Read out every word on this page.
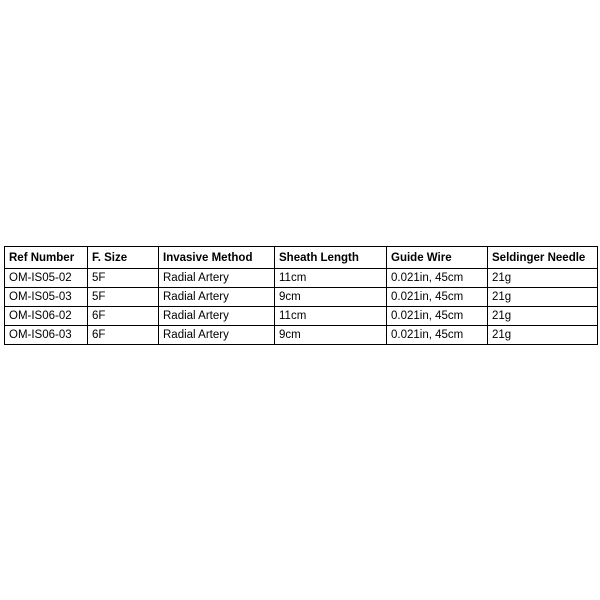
Ref Number	F. Size	Invasive Method	Sheath Length	Guide Wire	Seldinger Needle
OM-IS05-02	5F	Radial Artery	11cm	0.021in, 45cm	21g
OM-IS05-03	5F	Radial Artery	9cm	0.021in, 45cm	21g
OM-IS06-02	6F	Radial Artery	11cm	0.021in, 45cm	21g
OM-IS06-03	6F	Radial Artery	9cm	0.021in, 45cm	21g
